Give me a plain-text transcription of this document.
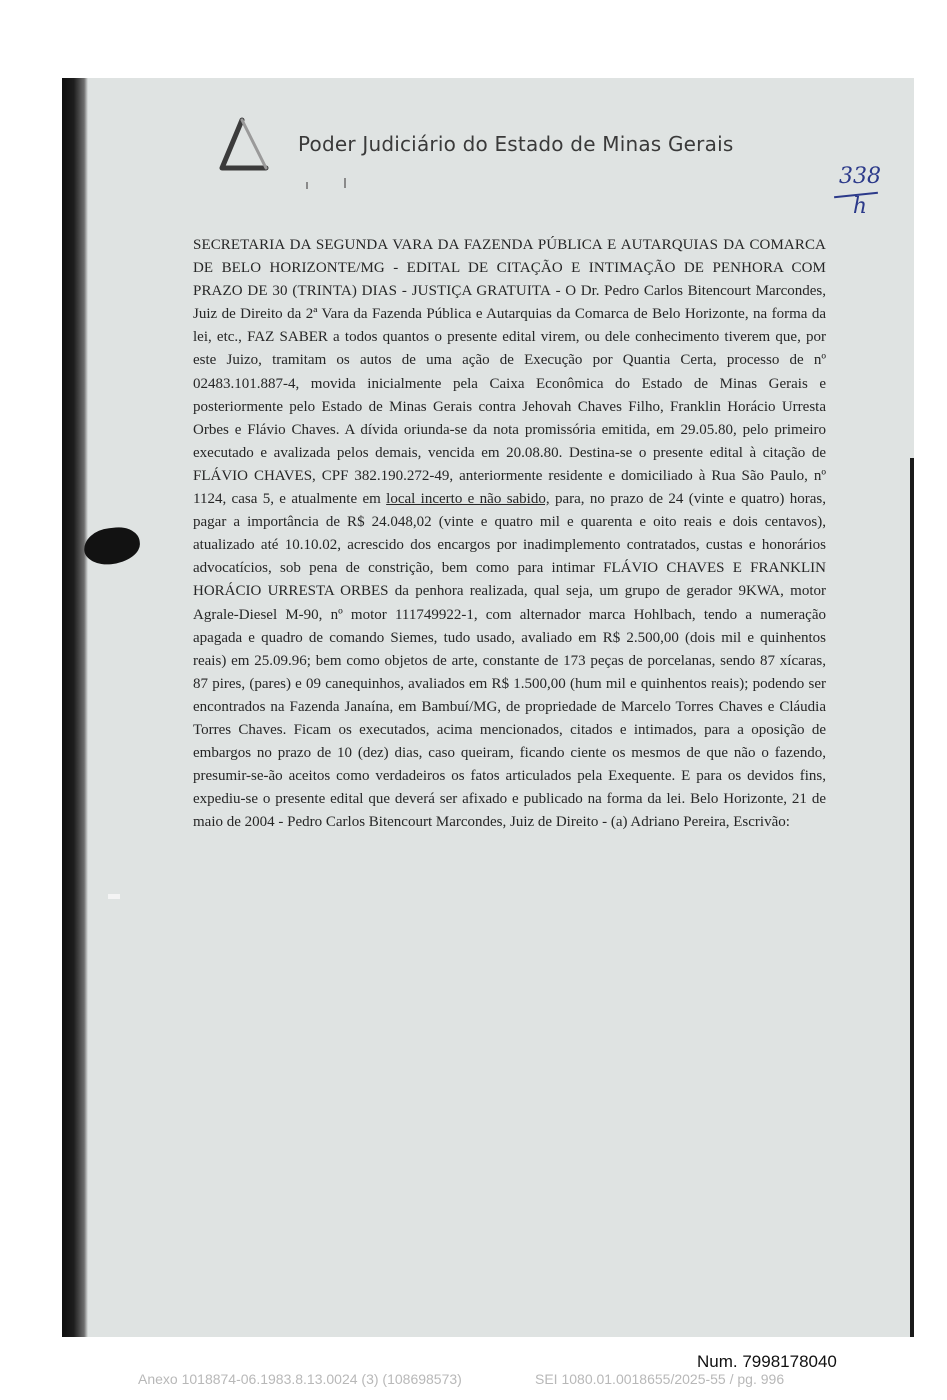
Poder Judiciário do Estado de Minas Gerais
338
h

SECRETARIA DA SEGUNDA VARA DA FAZENDA PÚBLICA E AUTARQUIAS DA COMARCA DE BELO HORIZONTE/MG - EDITAL DE CITAÇÃO E INTIMAÇÃO DE PENHORA COM PRAZO DE 30 (TRINTA) DIAS - JUSTIÇA GRATUITA - O Dr. Pedro Carlos Bitencourt Marcondes, Juiz de Direito da 2ª Vara da Fazenda Pública e Autarquias da Comarca de Belo Horizonte, na forma da lei, etc., FAZ SABER a todos quantos o presente edital virem, ou dele conhecimento tiverem que, por este Juizo, tramitam os autos de uma ação de Execução por Quantia Certa, processo de nº 02483.101.887-4, movida inicialmente pela Caixa Econômica do Estado de Minas Gerais e posteriormente pelo Estado de Minas Gerais contra Jehovah Chaves Filho, Franklin Horácio Urresta Orbes e Flávio Chaves. A dívida oriunda-se da nota promissória emitida, em 29.05.80, pelo primeiro executado e avalizada pelos demais, vencida em 20.08.80. Destina-se o presente edital à citação de FLÁVIO CHAVES, CPF 382.190.272-49, anteriormente residente e domiciliado à Rua São Paulo, nº 1124, casa 5, e atualmente em local incerto e não sabido, para, no prazo de 24 (vinte e quatro) horas, pagar a importância de R$ 24.048,02 (vinte e quatro mil e quarenta e oito reais e dois centavos), atualizado até 10.10.02, acrescido dos encargos por inadimplemento contratados, custas e honorários advocatícios, sob pena de constrição, bem como para intimar FLÁVIO CHAVES E FRANKLIN HORÁCIO URRESTA ORBES da penhora realizada, qual seja, um grupo de gerador 9KWA, motor Agrale-Diesel M-90, nº motor 111749922-1, com alternador marca Hohlbach, tendo a numeração apagada e quadro de comando Siemes, tudo usado, avaliado em R$ 2.500,00 (dois mil e quinhentos reais) em 25.09.96; bem como objetos de arte, constante de 173 peças de porcelanas, sendo 87 xícaras, 87 pires, (pares) e 09 canequinhos, avaliados em R$ 1.500,00 (hum mil e quinhentos reais); podendo ser encontrados na Fazenda Janaína, em Bambuí/MG, de propriedade de Marcelo Torres Chaves e Cláudia Torres Chaves. Ficam os executados, acima mencionados, citados e intimados, para a oposição de embargos no prazo de 10 (dez) dias, caso queiram, ficando ciente os mesmos de que não o fazendo, presumir-se-ão aceitos como verdadeiros os fatos articulados pela Exequente. E para os devidos fins, expediu-se o presente edital que deverá ser afixado e publicado na forma da lei. Belo Horizonte, 21 de maio de 2004 - Pedro Carlos Bitencourt Marcondes, Juiz de Direito - (a) Adriano Pereira, Escrivão:

Num. 7998178040
Anexo 1018874-06.1983.8.13.0024 (3) (108698573)	SEI 1080.01.0018655/2025-55 / pg. 996
